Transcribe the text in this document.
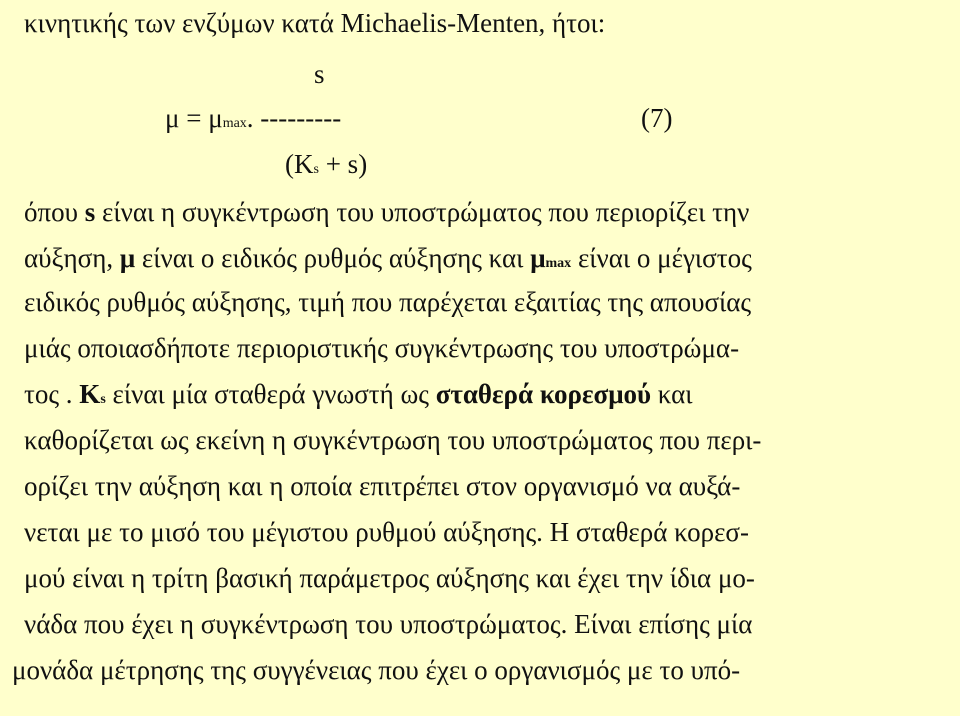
κινητικής των ενζύμων κατά Michaelis-Menten, ήτοι:
s
μ = μmax. ---------	(7)
(Ks + s)
όπου s είναι η συγκέντρωση του υποστρώματος που περιορίζει την
αύξηση, μ είναι ο ειδικός ρυθμός αύξησης και μmax είναι ο μέγιστος
ειδικός ρυθμός αύξησης, τιμή που παρέχεται εξαιτίας της απουσίας
μιάς οποιασδήποτε περιοριστικής συγκέντρωσης του υποστρώμα-
τος . Ks είναι μία σταθερά γνωστή ως σταθερά κορεσμού και
καθορίζεται ως εκείνη η συγκέντρωση του υποστρώματος που περι-
ορίζει την αύξηση και η οποία επιτρέπει στον οργανισμό να αυξά-
νεται με το μισό του μέγιστου ρυθμού αύξησης. Η σταθερά κορεσ-
μού είναι η τρίτη βασική παράμετρος αύξησης και έχει την ίδια μο-
νάδα που έχει η συγκέντρωση του υποστρώματος. Είναι επίσης μία
μονάδα μέτρησης της συγγένειας που έχει ο οργανισμός με το υπό-
